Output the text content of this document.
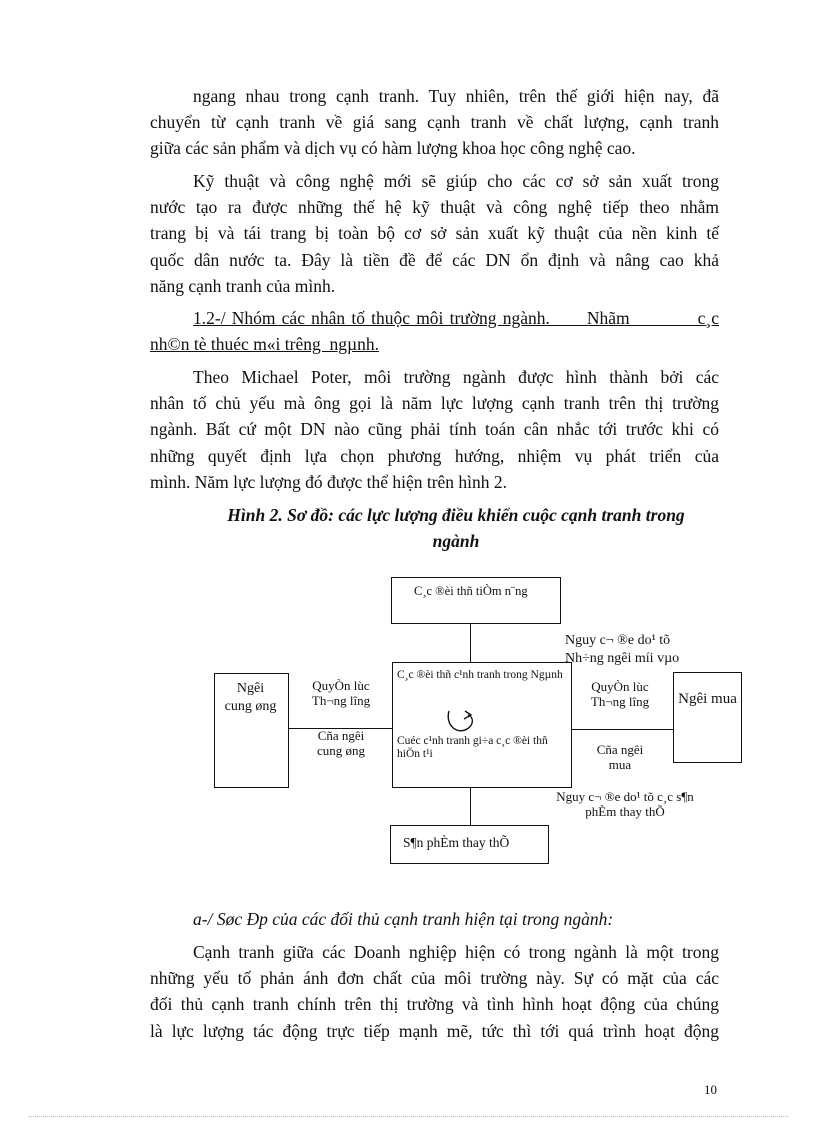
ngang nhau trong cạnh tranh. Tuy nhiên, trên thế giới hiện nay, đã
chuyển từ cạnh tranh về giá sang cạnh tranh về chất lượng, cạnh tranh
giữa các sản phẩm và dịch vụ có hàm lượng khoa học công nghệ cao.
Kỹ thuật và công nghệ mới sẽ giúp cho các cơ sở sản xuất trong
nước tạo ra được những thế hệ kỹ thuật và công nghệ tiếp theo nhằm
trang bị và tái trang bị toàn bộ cơ sở sản xuất kỹ thuật của nền kinh tế
quốc dân nước ta. Đây là tiền đề để các DN ổn định và nâng cao khả
năng cạnh tranh của mình.
1.2-/ Nhóm các nhân tố thuộc môi trường ngành.      Nhãm           c¸c
nh©n tè thuéc m«i trêng  ngµnh.
Theo Michael Poter, môi trường ngành được hình thành bởi các
nhân tố chủ yếu mà ông gọi là năm lực lượng cạnh tranh trên thị trường
ngành. Bất cứ một DN nào cũng phải tính toán cân nhắc tới trước khi có
những quyết định lựa chọn phương hướng, nhiệm vụ phát triển của
mình. Năm lực lượng đó được thể hiện trên hình 2.
Hình 2. Sơ đồ: các lực lượng điều khiển cuộc cạnh tranh trong
ngành
C¸c ®èi thñ tiÒm n¨ng
C¸c ®èi thñ c¹nh tranh trong Ngµnh
Cuéc c¹nh tranh gi÷a c¸c ®èi thñ hiÖn t¹i
Ngêi cung øng	Ngêi mua
S¶n phÈm thay thÕ
Nguy c¬ ®e do¹ tõ
Nh÷ng ngêi míi vµo
QuyÒn lùc
Th¬ng lîng
Cña ngêi
cung øng
QuyÒn lùc
Th¬ng lîng
Cña ngêi
mua
Nguy c¬ ®e do¹ tõ c¸c s¶n
phÈm thay thÕ
a-/ Søc Ðp của các đối thủ cạnh tranh hiện tại trong ngành:
Cạnh tranh giữa các Doanh nghiệp hiện có trong ngành là một trong
những yếu tố phản ánh đơn chất của môi trường này. Sự có mặt của các
đối thủ cạnh tranh chính trên thị trường và tình hình hoạt động của chúng
là lực lượng tác động trực tiếp mạnh mẽ, tức thì tới quá trình hoạt động
10
